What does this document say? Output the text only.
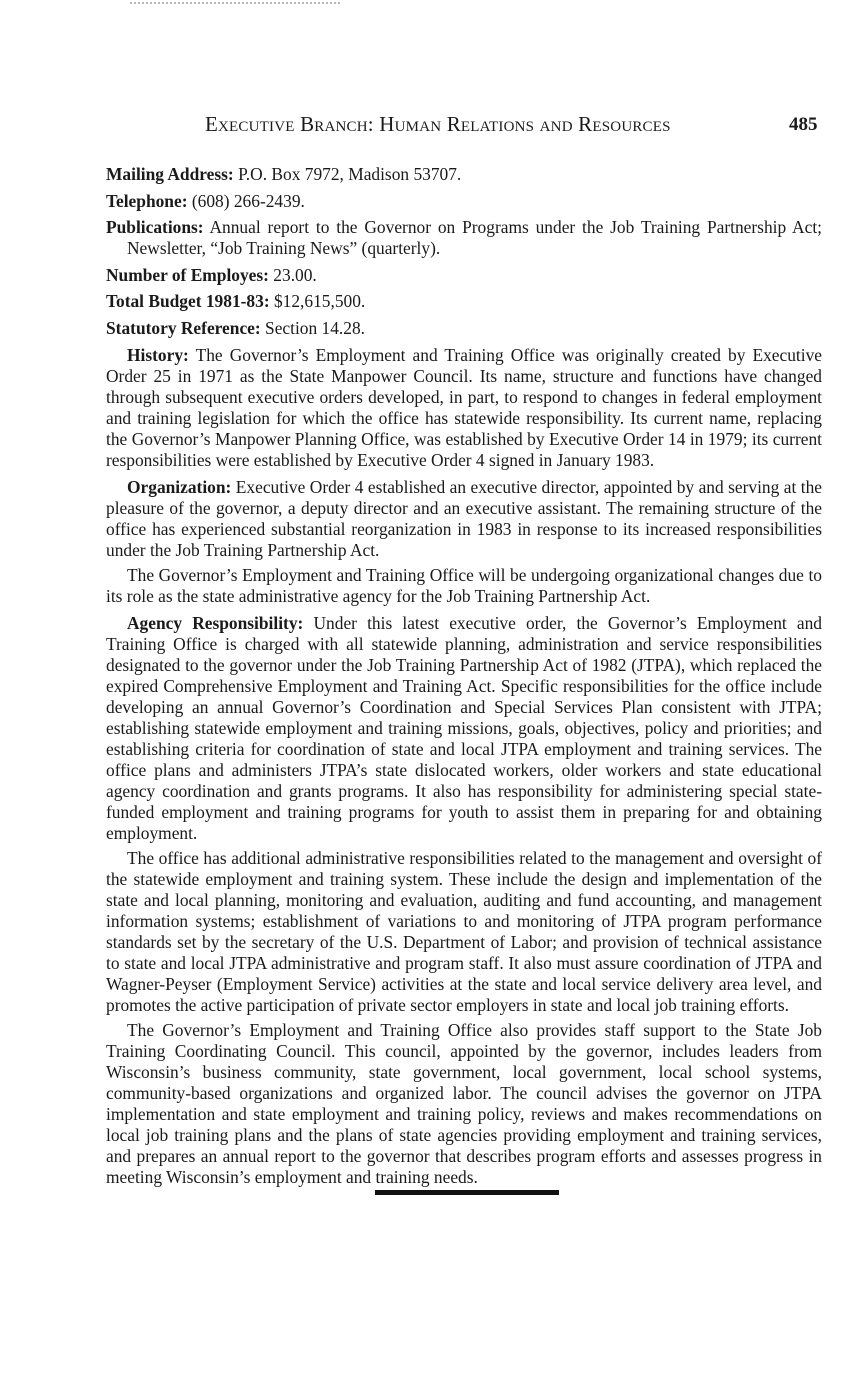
Executive Branch: Human Relations and Resources	485

Mailing Address: P.O. Box 7972, Madison 53707.

Telephone: (608) 266-2439.

Publications: Annual report to the Governor on Programs under the Job Training Partnership Act; Newsletter, “Job Training News” (quarterly).

Number of Employes: 23.00.

Total Budget 1981-83: $12,615,500.

Statutory Reference: Section 14.28.

History: The Governor’s Employment and Training Office was originally created by Executive Order 25 in 1971 as the State Manpower Council. Its name, structure and functions have changed through subsequent executive orders developed, in part, to respond to changes in federal employment and training legislation for which the office has statewide responsibility. Its current name, replacing the Governor’s Manpower Planning Office, was established by Executive Order 14 in 1979; its current responsibilities were established by Executive Order 4 signed in January 1983.

Organization: Executive Order 4 established an executive director, appointed by and serving at the pleasure of the governor, a deputy director and an executive assistant. The remaining structure of the office has experienced substantial reorganization in 1983 in response to its increased responsibilities under the Job Training Partnership Act.

The Governor’s Employment and Training Office will be undergoing organizational changes due to its role as the state administrative agency for the Job Training Partnership Act.

Agency Responsibility: Under this latest executive order, the Governor’s Employment and Training Office is charged with all statewide planning, administration and service responsibilities designated to the governor under the Job Training Partnership Act of 1982 (JTPA), which replaced the expired Comprehensive Employment and Training Act. Specific responsibilities for the office include developing an annual Governor’s Coordination and Special Services Plan consistent with JTPA; establishing statewide employment and training missions, goals, objectives, policy and priorities; and establishing criteria for coordination of state and local JTPA employment and training services. The office plans and administers JTPA’s state dislocated workers, older workers and state educational agency coordination and grants programs. It also has responsibility for administering special state-funded employment and training programs for youth to assist them in preparing for and obtaining employment.

The office has additional administrative responsibilities related to the management and oversight of the statewide employment and training system. These include the design and implementation of the state and local planning, monitoring and evaluation, auditing and fund accounting, and management information systems; establishment of variations to and monitoring of JTPA program performance standards set by the secretary of the U.S. Department of Labor; and provision of technical assistance to state and local JTPA administrative and program staff. It also must assure coordination of JTPA and Wagner-Peyser (Employment Service) activities at the state and local service delivery area level, and promotes the active participation of private sector employers in state and local job training efforts.

The Governor’s Employment and Training Office also provides staff support to the State Job Training Coordinating Council. This council, appointed by the governor, includes leaders from Wisconsin’s business community, state government, local government, local school systems, community-based organizations and organized labor. The council advises the governor on JTPA implementation and state employment and training policy, reviews and makes recommendations on local job training plans and the plans of state agencies providing employment and training services, and prepares an annual report to the governor that describes program efforts and assesses progress in meeting Wisconsin’s employment and training needs.
